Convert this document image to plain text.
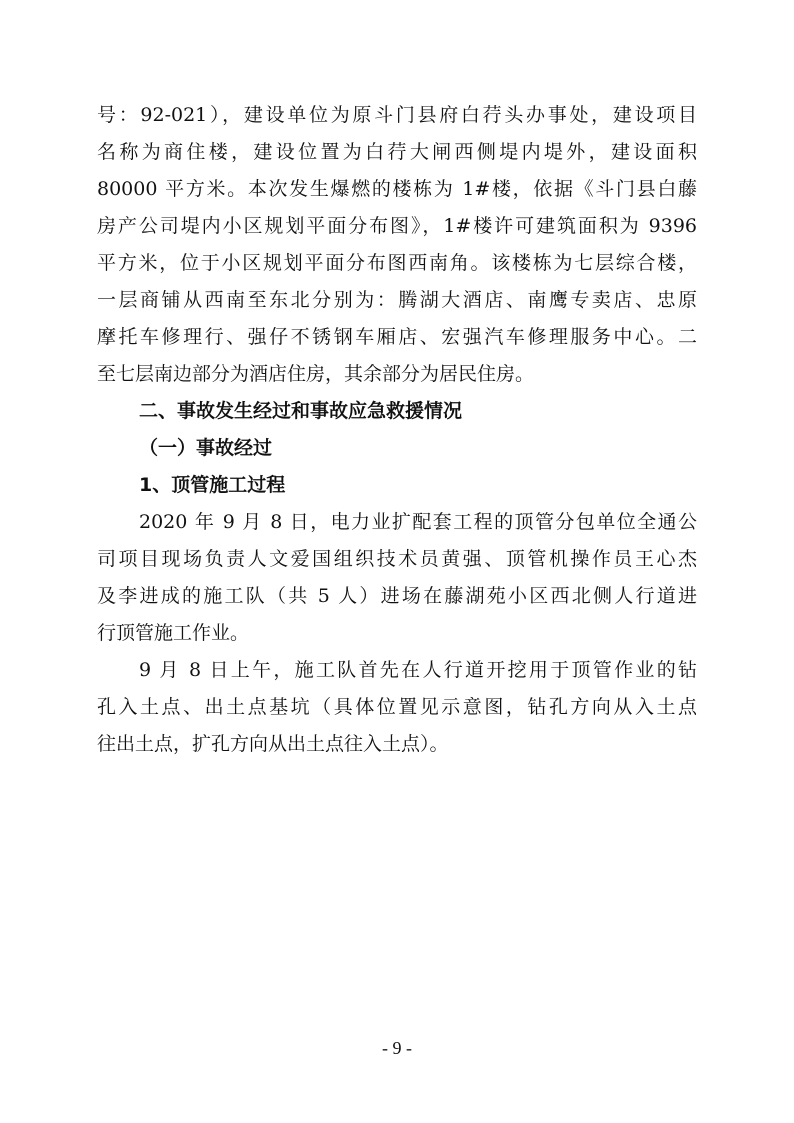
号：92-021），建设单位为原斗门县府白荇头办事处，建设项目
名称为商住楼，建设位置为白荇大闸西侧堤内堤外，建设面积
80000 平方米。本次发生爆燃的楼栋为 1#楼，依据《斗门县白藤
房产公司堤内小区规划平面分布图》，1#楼许可建筑面积为 9396
平方米，位于小区规划平面分布图西南角。该楼栋为七层综合楼，
一层商铺从西南至东北分别为：腾湖大酒店、南鹰专卖店、忠原
摩托车修理行、强仔不锈钢车厢店、宏强汽车修理服务中心。二
至七层南边部分为酒店住房，其余部分为居民住房。
二、事故发生经过和事故应急救援情况
（一）事故经过
1、顶管施工过程
2020 年 9 月 8 日，电力业扩配套工程的顶管分包单位全通公
司项目现场负责人文爱国组织技术员黄强、顶管机操作员王心杰
及李进成的施工队（共 5 人）进场在藤湖苑小区西北侧人行道进
行顶管施工作业。
9 月 8 日上午，施工队首先在人行道开挖用于顶管作业的钻
孔入土点、出土点基坑（具体位置见示意图，钻孔方向从入土点
往出土点，扩孔方向从出土点往入土点）。
- 9 -
